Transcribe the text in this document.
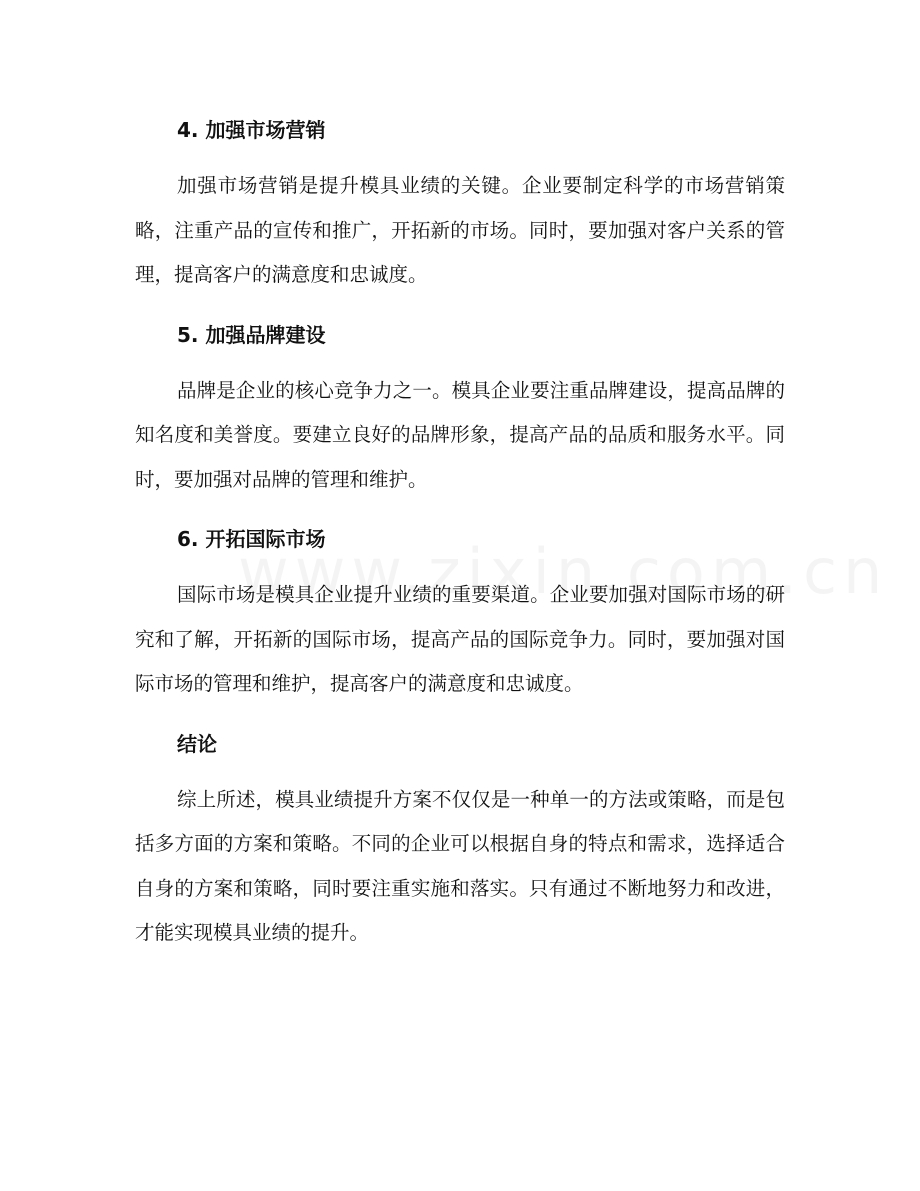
4. 加强市场营销

加强市场营销是提升模具业绩的关键。企业要制定科学的市场营销策略，注重产品的宣传和推广，开拓新的市场。同时，要加强对客户关系的管理，提高客户的满意度和忠诚度。

5. 加强品牌建设

品牌是企业的核心竞争力之一。模具企业要注重品牌建设，提高品牌的知名度和美誉度。要建立良好的品牌形象，提高产品的品质和服务水平。同时，要加强对品牌的管理和维护。

6. 开拓国际市场

国际市场是模具企业提升业绩的重要渠道。企业要加强对国际市场的研究和了解，开拓新的国际市场，提高产品的国际竞争力。同时，要加强对国际市场的管理和维护，提高客户的满意度和忠诚度。

结论

综上所述，模具业绩提升方案不仅仅是一种单一的方法或策略，而是包括多方面的方案和策略。不同的企业可以根据自身的特点和需求，选择适合自身的方案和策略，同时要注重实施和落实。只有通过不断地努力和改进，才能实现模具业绩的提升。
